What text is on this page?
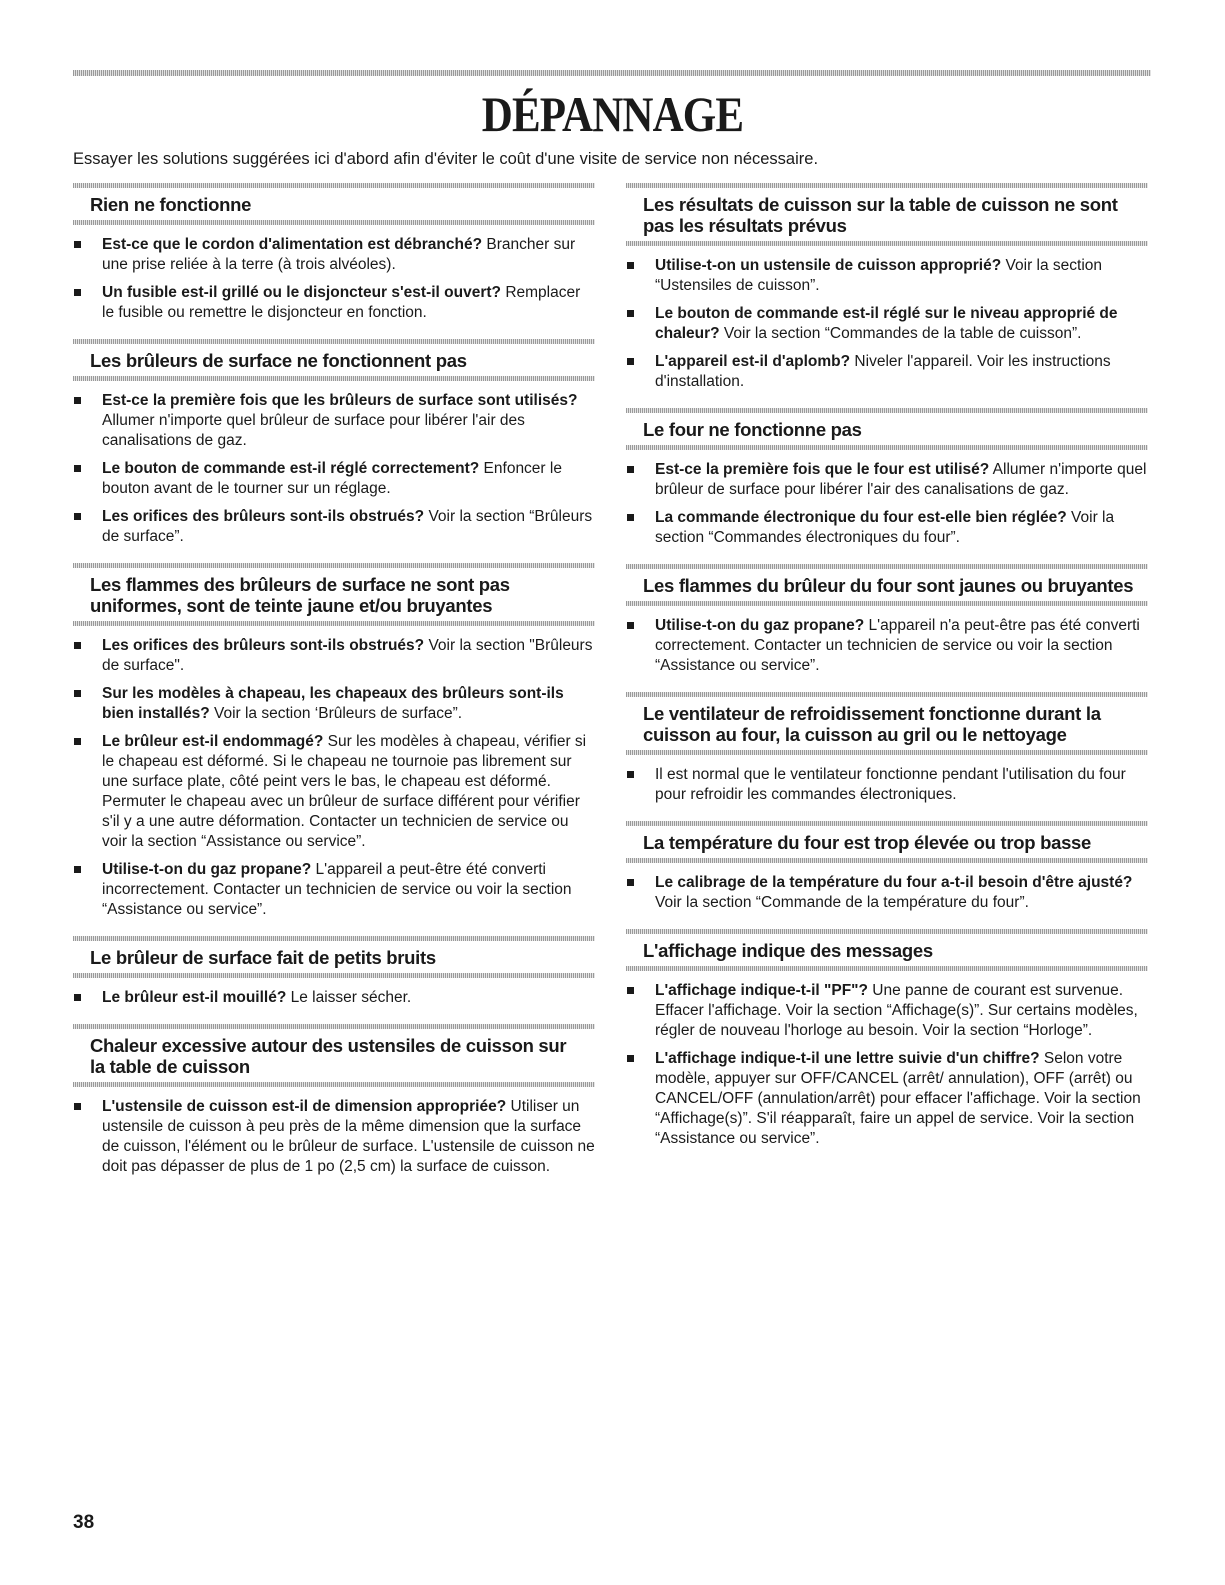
DÉPANNAGE

Essayer les solutions suggérées ici d'abord afin d'éviter le coût d'une visite de service non nécessaire.

Rien ne fonctionne
Est-ce que le cordon d'alimentation est débranché? Brancher sur une prise reliée à la terre (à trois alvéoles).
Un fusible est-il grillé ou le disjoncteur s'est-il ouvert? Remplacer le fusible ou remettre le disjoncteur en fonction.
Les brûleurs de surface ne fonctionnent pas
Est-ce la première fois que les brûleurs de surface sont utilisés? Allumer n'importe quel brûleur de surface pour libérer l'air des canalisations de gaz.
Le bouton de commande est-il réglé correctement? Enfoncer le bouton avant de le tourner sur un réglage.
Les orifices des brûleurs sont-ils obstrués? Voir la section “Brûleurs de surface”.
Les flammes des brûleurs de surface ne sont pas uniformes, sont de teinte jaune et/ou bruyantes
Les orifices des brûleurs sont-ils obstrués? Voir la section "Brûleurs de surface".
Sur les modèles à chapeau, les chapeaux des brûleurs sont-ils bien installés? Voir la section ‘Brûleurs de surface”.
Le brûleur est-il endommagé? Sur les modèles à chapeau, vérifier si le chapeau est déformé. Si le chapeau ne tournoie pas librement sur une surface plate, côté peint vers le bas, le chapeau est déformé. Permuter le chapeau avec un brûleur de surface différent pour vérifier s'il y a une autre déformation. Contacter un technicien de service ou voir la section “Assistance ou service”.
Utilise-t-on du gaz propane? L'appareil a peut-être été converti incorrectement. Contacter un technicien de service ou voir la section “Assistance ou service”.
Le brûleur de surface fait de petits bruits
Le brûleur est-il mouillé? Le laisser sécher.
Chaleur excessive autour des ustensiles de cuisson sur la table de cuisson
L'ustensile de cuisson est-il de dimension appropriée? Utiliser un ustensile de cuisson à peu près de la même dimension que la surface de cuisson, l'élément ou le brûleur de surface. L'ustensile de cuisson ne doit pas dépasser de plus de 1 po (2,5 cm) la surface de cuisson.
Les résultats de cuisson sur la table de cuisson ne sont pas les résultats prévus
Utilise-t-on un ustensile de cuisson approprié? Voir la section “Ustensiles de cuisson”.
Le bouton de commande est-il réglé sur le niveau approprié de chaleur? Voir la section “Commandes de la table de cuisson”.
L'appareil est-il d'aplomb? Niveler l'appareil. Voir les instructions d'installation.
Le four ne fonctionne pas
Est-ce la première fois que le four est utilisé? Allumer n'importe quel brûleur de surface pour libérer l'air des canalisations de gaz.
La commande électronique du four est-elle bien réglée? Voir la section “Commandes électroniques du four”.
Les flammes du brûleur du four sont jaunes ou bruyantes
Utilise-t-on du gaz propane? L'appareil n'a peut-être pas été converti correctement. Contacter un technicien de service ou voir la section “Assistance ou service”.
Le ventilateur de refroidissement fonctionne durant la cuisson au four, la cuisson au gril ou le nettoyage
Il est normal que le ventilateur fonctionne pendant l'utilisation du four pour refroidir les commandes électroniques.
La température du four est trop élevée ou trop basse
Le calibrage de la température du four a-t-il besoin d'être ajusté? Voir la section “Commande de la température du four”.
L'affichage indique des messages
L'affichage indique-t-il "PF"? Une panne de courant est survenue. Effacer l'affichage. Voir la section “Affichage(s)”. Sur certains modèles, régler de nouveau l'horloge au besoin. Voir la section “Horloge”.
L'affichage indique-t-il une lettre suivie d'un chiffre? Selon votre modèle, appuyer sur OFF/CANCEL (arrêt/ annulation), OFF (arrêt) ou CANCEL/OFF (annulation/arrêt) pour effacer l'affichage. Voir la section “Affichage(s)”. S'il réapparaît, faire un appel de service. Voir la section “Assistance ou service”.

38
